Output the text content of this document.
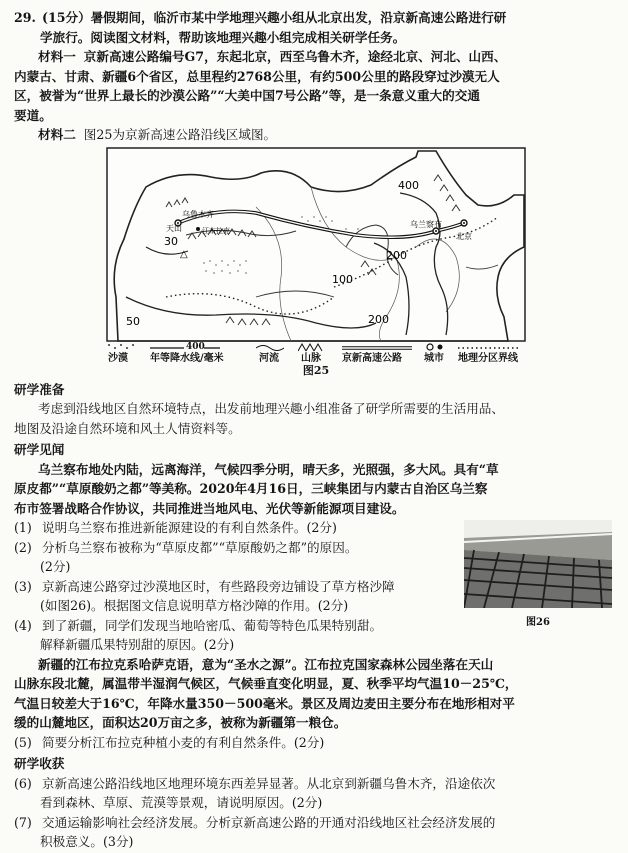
29. (15分）暑假期间，临沂市某中学地理兴趣小组从北京出发，沿京新高速公路进行研

学旅行。阅读图文材料，帮助该地理兴趣小组完成相关研学任务。

材料一 京新高速公路编号G7，东起北京，西至乌鲁木齐，途经北京、河北、山西、

内蒙古、甘肃、新疆6个省区，总里程约2768公里，有约500公里的路段穿过沙漠无人

区，被誉为“世界上最长的沙漠公路”“大美中国7号公路”等，是一条意义重大的交通

要道。

材料二 图25为京新高速公路沿线区域图。

400
200
200
100
30
50
乌鲁木齐
天山	江布拉克
乌兰察布
北京
△
沙漠
400
年等降水线/毫米	河流 山脉 京新高速公路 城市 地理分区界线

图25

研学准备

考虑到沿线地区自然环境特点，出发前地理兴趣小组准备了研学所需要的生活用品、

地图及沿途自然环境和风土人情资料等。

研学见闻

乌兰察布地处内陆，远离海洋，气候四季分明，晴天多，光照强，多大风。具有“草

原皮都”“草原酸奶之都”等美称。2020年4月16日，三峡集团与内蒙古自治区乌兰察

布市签署战略合作协议，共同推进当地风电、光伏等新能源项目建设。

(1) 说明乌兰察布推进新能源建设的有利自然条件。(2分)
(2) 分析乌兰察布被称为“草原皮都”“草原酸奶之都”的原因。

(2分)

(3) 京新高速公路穿过沙漠地区时，有些路段旁边铺设了草方格沙障

(如图26)。根据图文信息说明草方格沙障的作用。(2分)

(4) 到了新疆，同学们发现当地哈密瓜、葡萄等特色瓜果特别甜。

解释新疆瓜果特别甜的原因。(2分)

图26

新疆的江布拉克系哈萨克语，意为“圣水之源”。江布拉克国家森林公园坐落在天山

山脉东段北麓，属温带半湿润气候区，气候垂直变化明显，夏、秋季平均气温10－25℃，

气温日较差大于16℃，年降水量350－500毫米。景区及周边麦田主要分布在地形相对平

缓的山麓地区，面积达20万亩之多，被称为新疆第一粮仓。

(5) 简要分析江布拉克种植小麦的有利自然条件。(2分)

研学收获

(6) 京新高速公路沿线地区地理环境东西差异显著。从北京到新疆乌鲁木齐，沿途依次

看到森林、草原、荒漠等景观，请说明原因。(2分)

(7) 交通运输影响社会经济发展。分析京新高速公路的开通对沿线地区社会经济发展的

积极意义。(3分)
